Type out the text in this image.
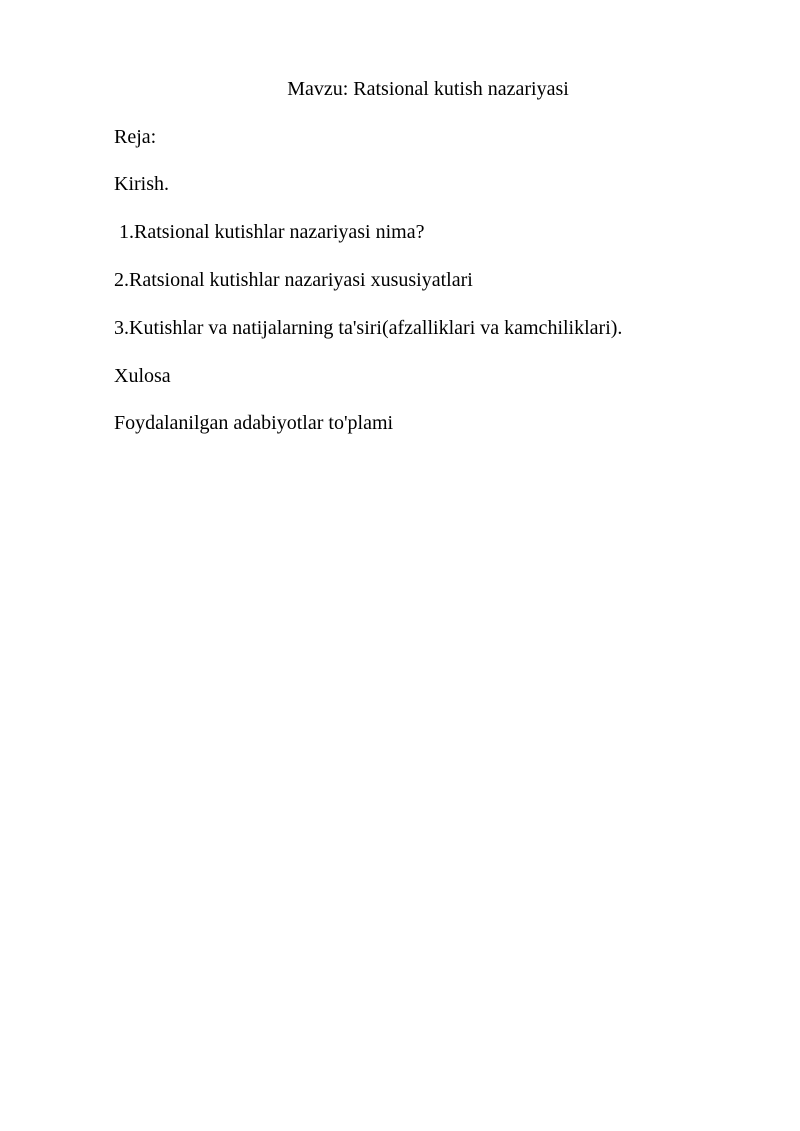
Mavzu: Ratsional kutish nazariyasi
Reja:
Kirish.
1.Ratsional kutishlar nazariyasi nima?
2.Ratsional kutishlar nazariyasi xususiyatlari
3.Kutishlar va natijalarning ta'siri(afzalliklari va kamchiliklari).
Xulosa
Foydalanilgan adabiyotlar to'plami
